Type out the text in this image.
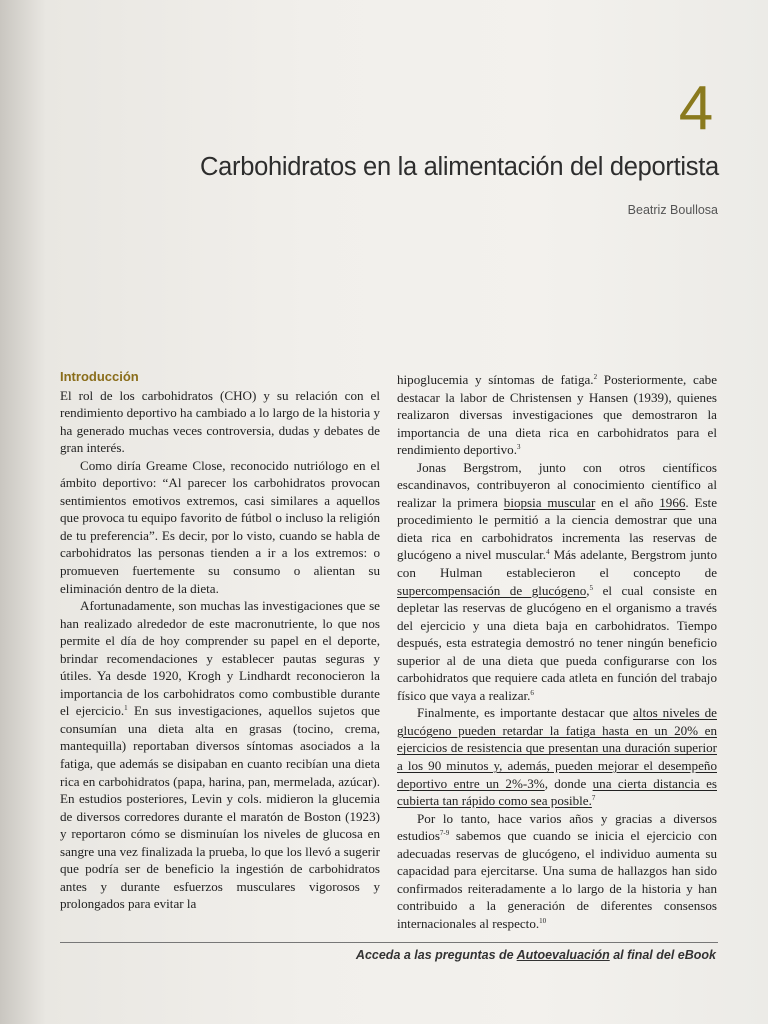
4
Carbohidratos en la alimentación del deportista
Beatriz Boullosa
Introducción

El rol de los carbohidratos (CHO) y su relación con el rendimiento deportivo ha cambiado a lo largo de la historia y ha generado muchas veces controversia, dudas y debates de gran interés.

Como diría Greame Close, reconocido nutriólogo en el ámbito deportivo: “Al parecer los carbohidratos provocan sentimientos emotivos extremos, casi similares a aquellos que provoca tu equipo favorito de fútbol o incluso la religión de tu preferencia”. Es decir, por lo visto, cuando se habla de carbohidratos las personas tienden a ir a los extremos: o promueven fuertemente su consumo o alientan su eliminación dentro de la dieta.

Afortunadamente, son muchas las investigaciones que se han realizado alrededor de este macronutriente, lo que nos permite el día de hoy comprender su papel en el deporte, brindar recomendaciones y establecer pautas seguras y útiles. Ya desde 1920, Krogh y Lindhardt reconocieron la importancia de los carbohidratos como combustible durante el ejercicio.$^1$ En sus investigaciones, aquellos sujetos que consumían una dieta alta en grasas (tocino, crema, mantequilla) reportaban diversos síntomas asociados a la fatiga, que además se disipaban en cuanto recibían una dieta rica en carbohidratos (papa, harina, pan, mermelada, azúcar). En estudios posteriores, Levin y cols. midieron la glucemia de diversos corredores durante el maratón de Boston (1923) y reportaron cómo se disminuían los niveles de glucosa en sangre una vez finalizada la prueba, lo que los llevó a sugerir que podría ser de beneficio la ingestión de carbohidratos antes y durante esfuerzos musculares vigorosos y prolongados para evitar la

hipoglucemia y síntomas de fatiga.$^2$ Posteriormente, cabe destacar la labor de Christensen y Hansen (1939), quienes realizaron diversas investigaciones que demostraron la importancia de una dieta rica en carbohidratos para el rendimiento deportivo.$^3$

Jonas Bergstrom, junto con otros científicos escandinavos, contribuyeron al conocimiento científico al realizar la primera biopsia muscular en el año 1966. Este procedimiento le permitió a la ciencia demostrar que una dieta rica en carbohidratos incrementa las reservas de glucógeno a nivel muscular.$^4$ Más adelante, Bergstrom junto con Hulman establecieron el concepto de supercompensación de glucógeno,$^5$ el cual consiste en depletar las reservas de glucógeno en el organismo a través del ejercicio y una dieta baja en carbohidratos. Tiempo después, esta estrategia demostró no tener ningún beneficio superior al de una dieta que pueda configurarse con los carbohidratos que requiere cada atleta en función del trabajo físico que vaya a realizar.$^6$

Finalmente, es importante destacar que altos niveles de glucógeno pueden retardar la fatiga hasta en un 20% en ejercicios de resistencia que presentan una duración superior a los 90 minutos y, además, pueden mejorar el desempeño deportivo entre un 2%-3%, donde una cierta distancia es cubierta tan rápido como sea posible.$^7$

Por lo tanto, hace varios años y gracias a diversos estudios$^{7-9}$ sabemos que cuando se inicia el ejercicio con adecuadas reservas de glucógeno, el individuo aumenta su capacidad para ejercitarse. Una suma de hallazgos han sido confirmados reiteradamente a lo largo de la historia y han contribuido a la generación de diferentes consensos internacionales al respecto.$^{10}$

Acceda a las preguntas de Autoevaluación al final del eBook
